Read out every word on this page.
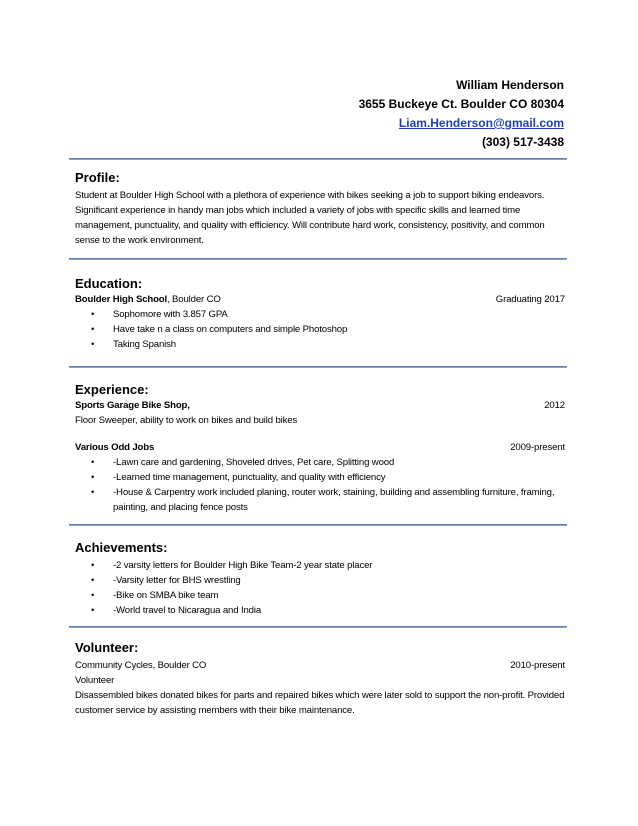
William Henderson
3655 Buckeye Ct. Boulder CO 80304
Liam.Henderson@gmail.com
(303) 517-3438

Profile:

Student at Boulder High School with a plethora of experience with bikes seeking a job to support biking endeavors. Significant experience in handy man jobs which included a variety of jobs with specific skills and learned time management, punctuality, and quality with efficiency. Will contribute hard work, consistency, positivity, and common sense to the work environment.

Education:

Boulder High School, Boulder CO	Graduating 2017
• Sophomore with 3.857 GPA
• Have take n a class on computers and simple Photoshop
• Taking Spanish

Experience:

Sports Garage Bike Shop,	2012

Floor Sweeper, ability to work on bikes and build bikes

Various Odd Jobs	2009-present
• -Lawn care and gardening, Shoveled drives, Pet care, Splitting wood
• -Learned time management, punctuality, and quality with efficiency
• -House & Carpentry work included planing, router work, staining, building and assembling furniture, framing, painting, and placing fence posts

Achievements:

• -2 varsity letters for Boulder High Bike Team-2 year state placer
• -Varsity letter for BHS wrestling
• -Bike on SMBA bike team
• -World travel to Nicaragua and India

Volunteer:

Community Cycles, Boulder CO	2010-present

Volunteer

Disassembled bikes donated bikes for parts and repaired bikes which were later sold to support the non-profit. Provided customer service by assisting members with their bike maintenance.
